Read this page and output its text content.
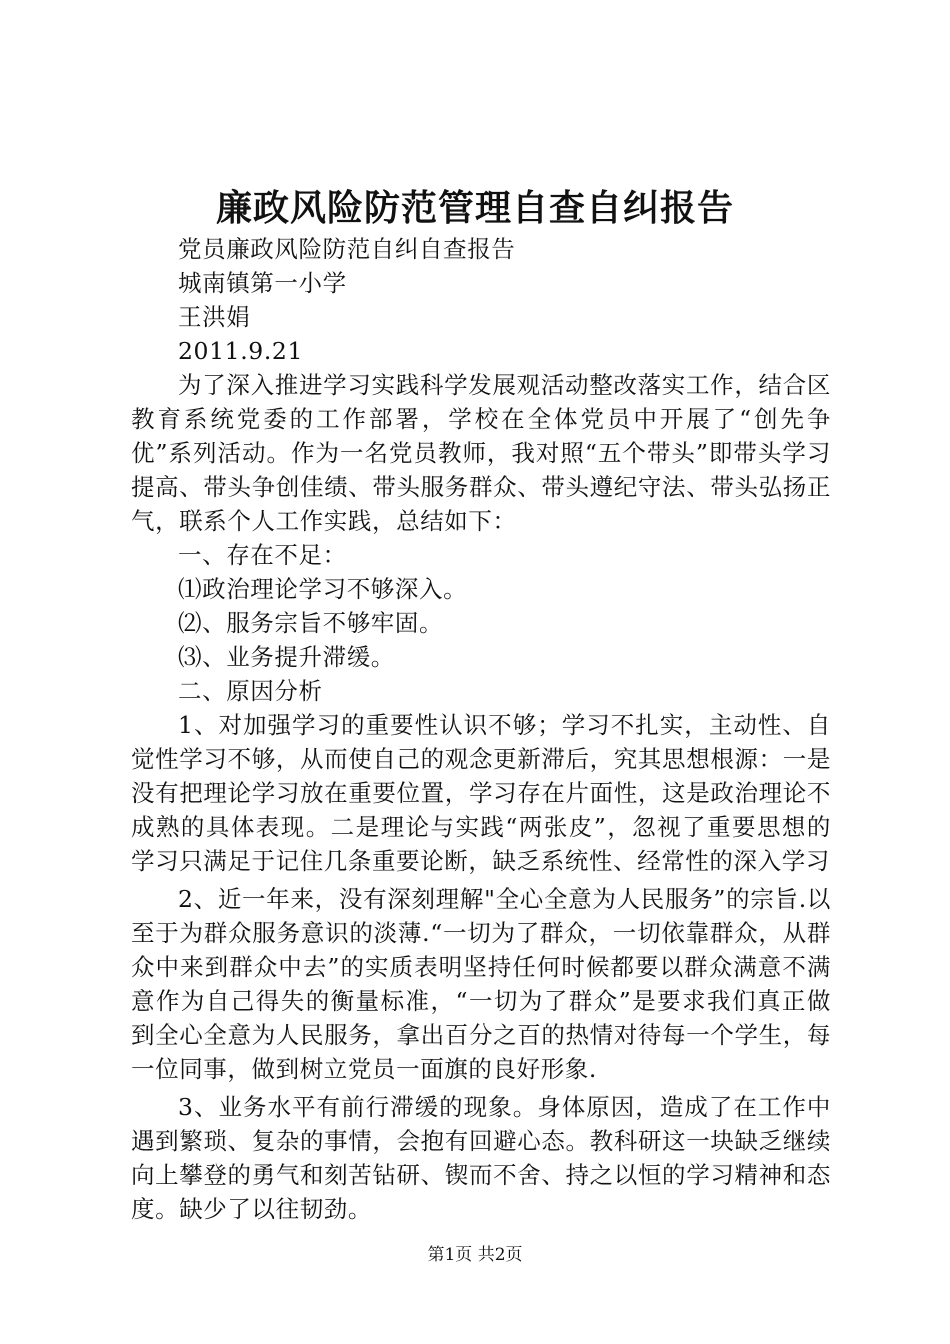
廉政风险防范管理自查自纠报告

党员廉政风险防范自纠自查报告

城南镇第一小学

王洪娟

2011.9.21

为了深入推进学习实践科学发展观活动整改落实工作，结合区教育系统党委的工作部署，学校在全体党员中开展了“创先争优”系列活动。作为一名党员教师，我对照“五个带头”即带头学习提高、带头争创佳绩、带头服务群众、带头遵纪守法、带头弘扬正气，联系个人工作实践，总结如下：

一、存在不足：

⑴政治理论学习不够深入。

⑵、服务宗旨不够牢固。

⑶、业务提升滞缓。

二、原因分析

1、对加强学习的重要性认识不够；学习不扎实，主动性、自觉性学习不够，从而使自己的观念更新滞后，究其思想根源：一是没有把理论学习放在重要位置，学习存在片面性，这是政治理论不成熟的具体表现。二是理论与实践“两张皮”，忽视了重要思想的学习只满足于记住几条重要论断，缺乏系统性、经常性的深入学习

2、近一年来，没有深刻理解"全心全意为人民服务”的宗旨.以至于为群众服务意识的淡薄.“一切为了群众，一切依靠群众，从群众中来到群众中去”的实质表明坚持任何时候都要以群众满意不满意作为自己得失的衡量标准，“一切为了群众”是要求我们真正做到全心全意为人民服务，拿出百分之百的热情对待每一个学生，每一位同事，做到树立党员一面旗的良好形象.

3、业务水平有前行滞缓的现象。身体原因，造成了在工作中遇到繁琐、复杂的事情，会抱有回避心态。教科研这一块缺乏继续向上攀登的勇气和刻苦钻研、锲而不舍、持之以恒的学习精神和态度。缺少了以往韧劲。

第1页 共2页
